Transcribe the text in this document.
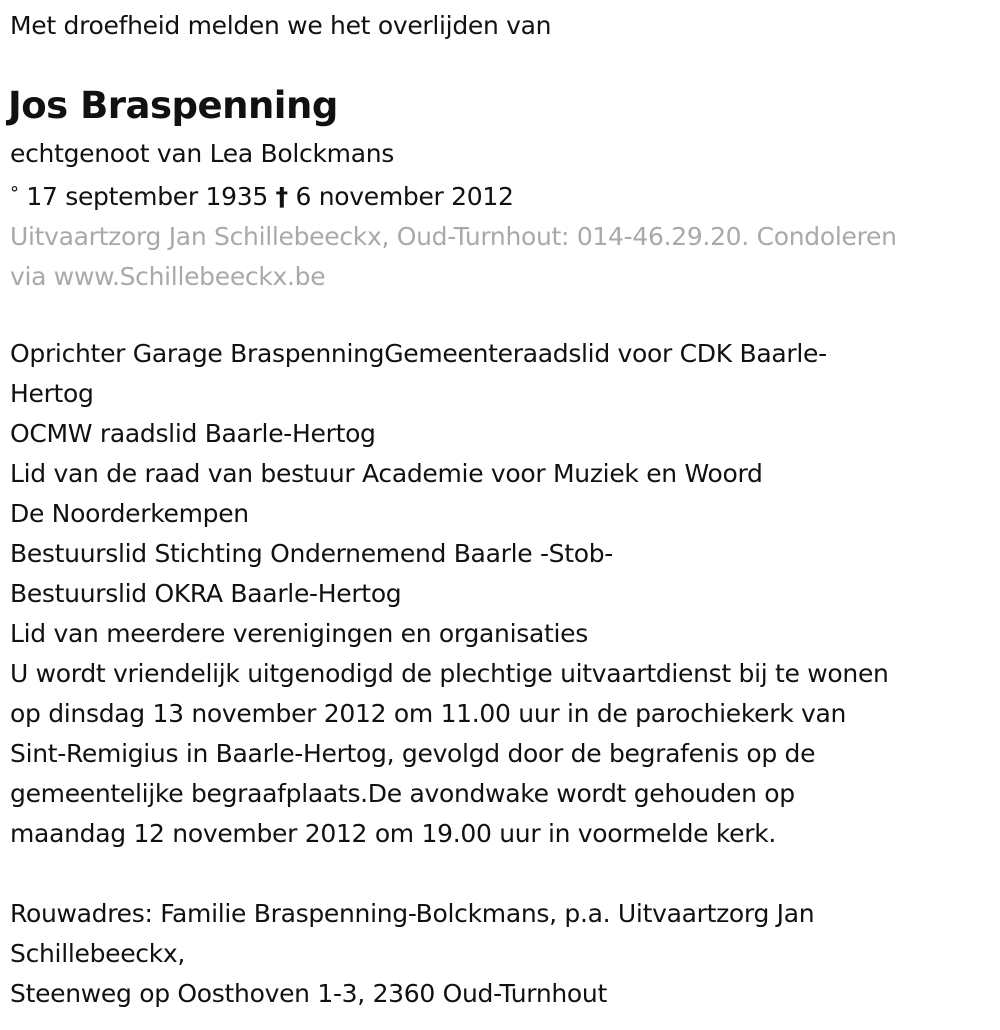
Met droefheid melden we het overlijden van
Jos Braspenning
echtgenoot van Lea Bolckmans
° 17 september 1935 † 6 november 2012
Uitvaartzorg Jan Schillebeeckx, Oud-Turnhout: 014-46.29.20. Condoleren
via www.Schillebeeckx.be
Oprichter Garage BraspenningGemeenteraadslid voor CDK Baarle-
Hertog
OCMW raadslid Baarle-Hertog
Lid van de raad van bestuur Academie voor Muziek en Woord
De Noorderkempen
Bestuurslid Stichting Ondernemend Baarle -Stob-
Bestuurslid OKRA Baarle-Hertog
Lid van meerdere verenigingen en organisaties
U wordt vriendelijk uitgenodigd de plechtige uitvaartdienst bij te wonen
op dinsdag 13 november 2012 om 11.00 uur in de parochiekerk van
Sint-Remigius in Baarle-Hertog, gevolgd door de begrafenis op de
gemeentelijke begraafplaats.De avondwake wordt gehouden op
maandag 12 november 2012 om 19.00 uur in voormelde kerk.
Rouwadres: Familie Braspenning-Bolckmans, p.a. Uitvaartzorg Jan
Schillebeeckx,
Steenweg op Oosthoven 1-3, 2360 Oud-Turnhout
